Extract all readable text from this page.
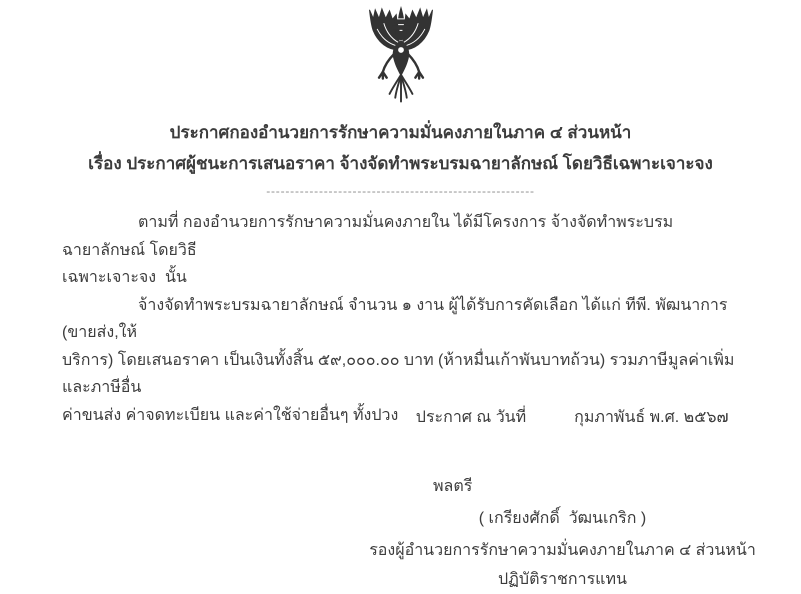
ประกาศกองอำนวยการรักษาความมั่นคงภายในภาค ๔ ส่วนหน้า
เรื่อง ประกาศผู้ชนะการเสนอราคา จ้างจัดทำพระบรมฉายาลักษณ์ โดยวิธีเฉพาะเจาะจง
--------------------------------------------------------
ตามที่ กองอำนวยการรักษาความมั่นคงภายใน ได้มีโครงการ จ้างจัดทำพระบรมฉายาลักษณ์ โดยวิธี
เฉพาะเจาะจง  นั้น
จ้างจัดทำพระบรมฉายาลักษณ์ จำนวน ๑ งาน ผู้ได้รับการคัดเลือก ได้แก่ ทีพี. พัฒนาการ (ขายส่ง,ให้
บริการ) โดยเสนอราคา เป็นเงินทั้งสิ้น ๕๙,๐๐๐.๐๐ บาท (ห้าหมื่นเก้าพันบาทถ้วน) รวมภาษีมูลค่าเพิ่มและภาษีอื่น
ค่าขนส่ง ค่าจดทะเบียน และค่าใช้จ่ายอื่นๆ ทั้งปวง	ประกาศ ณ วันที่	กุมภาพันธ์ พ.ศ. ๒๕๖๗

พลตรี
( เกรียงศักดิ์  วัฒนเกริก )
รองผู้อำนวยการรักษาความมั่นคงภายในภาค ๔ ส่วนหน้า
ปฏิบัติราชการแทน
